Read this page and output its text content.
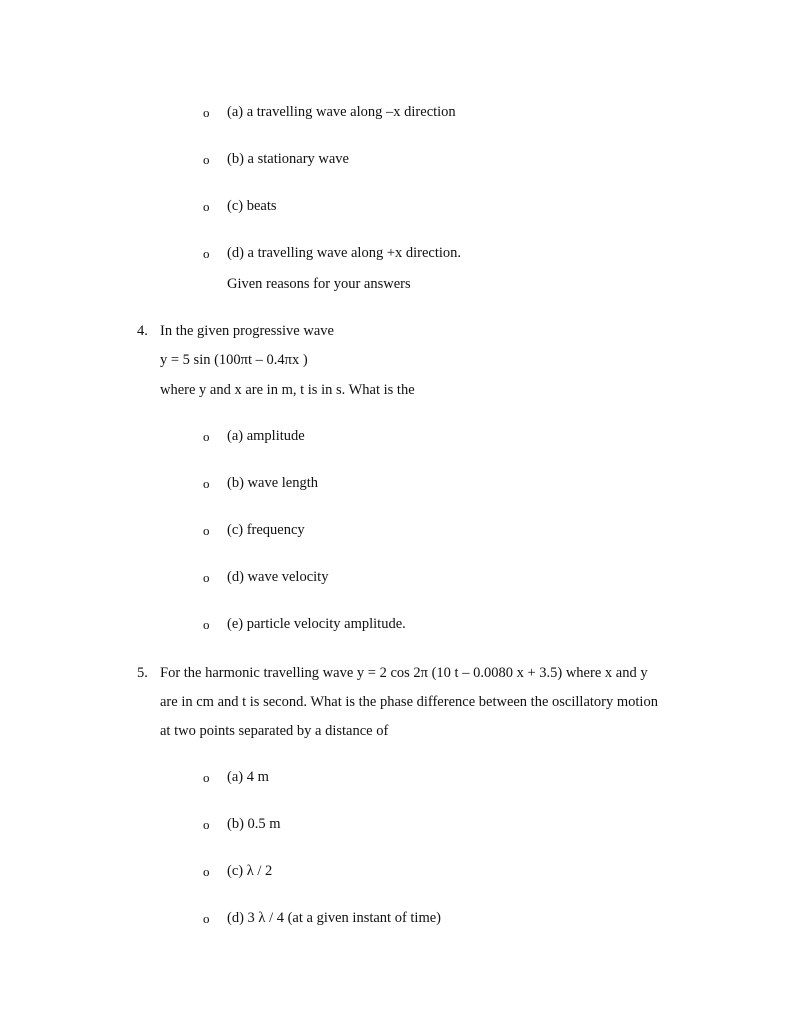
o (a) a travelling wave along –x direction
o (b) a stationary wave
o (c) beats
o (d) a travelling wave along +x direction.
Given reasons for your answers
4. In the given progressive wave
y = 5 sin (100πt – 0.4πx )
where y and x are in m, t is in s. What is the
o (a) amplitude
o (b) wave length
o (c) frequency
o (d) wave velocity
o (e) particle velocity amplitude.
5. For the harmonic travelling wave y = 2 cos 2π (10 t – 0.0080 x + 3.5) where x and y
are in cm and t is second. What is the phase difference between the oscillatory motion
at two points separated by a distance of
o (a) 4 m
o (b) 0.5 m
o (c) λ / 2
o (d) 3 λ / 4 (at a given instant of time)
